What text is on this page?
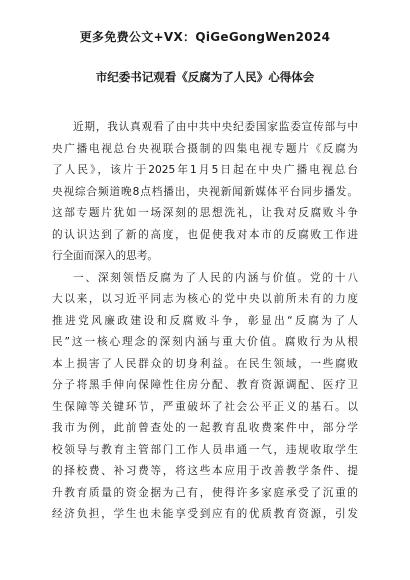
更多免费公文+VX：QiGeGongWen2024
市纪委书记观看《反腐为了人民》心得体会
近期，我认真观看了由中共中央纪委国家监委宣传部与中
央广播电视总台央视联合摄制的四集电视专题片《反腐为
了人民》，该片于2025年1月5日起在中央广播电视总台
央视综合频道晚8点档播出，央视新闻新媒体平台同步播发。
这部专题片犹如一场深刻的思想洗礼，让我对反腐败斗争
的认识达到了新的高度，也促使我对本市的反腐败工作进
行全面而深入的思考。
一、深刻领悟反腐为了人民的内涵与价值。党的十八
大以来，以习近平同志为核心的党中央以前所未有的力度
推进党风廉政建设和反腐败斗争，彰显出“反腐为了人
民”这一核心理念的深刻内涵与重大价值。腐败行为从根
本上损害了人民群众的切身利益。在民生领域，一些腐败
分子将黑手伸向保障性住房分配、教育资源调配、医疗卫
生保障等关键环节，严重破坏了社会公平正义的基石。以
我市为例，此前曾查处的一起教育乱收费案件中，部分学
校领导与教育主管部门工作人员串通一气，违规收取学生
的择校费、补习费等，将这些本应用于改善教学条件、提
升教育质量的资金据为己有，使得许多家庭承受了沉重的
经济负担，学生也未能享受到应有的优质教育资源，引发
